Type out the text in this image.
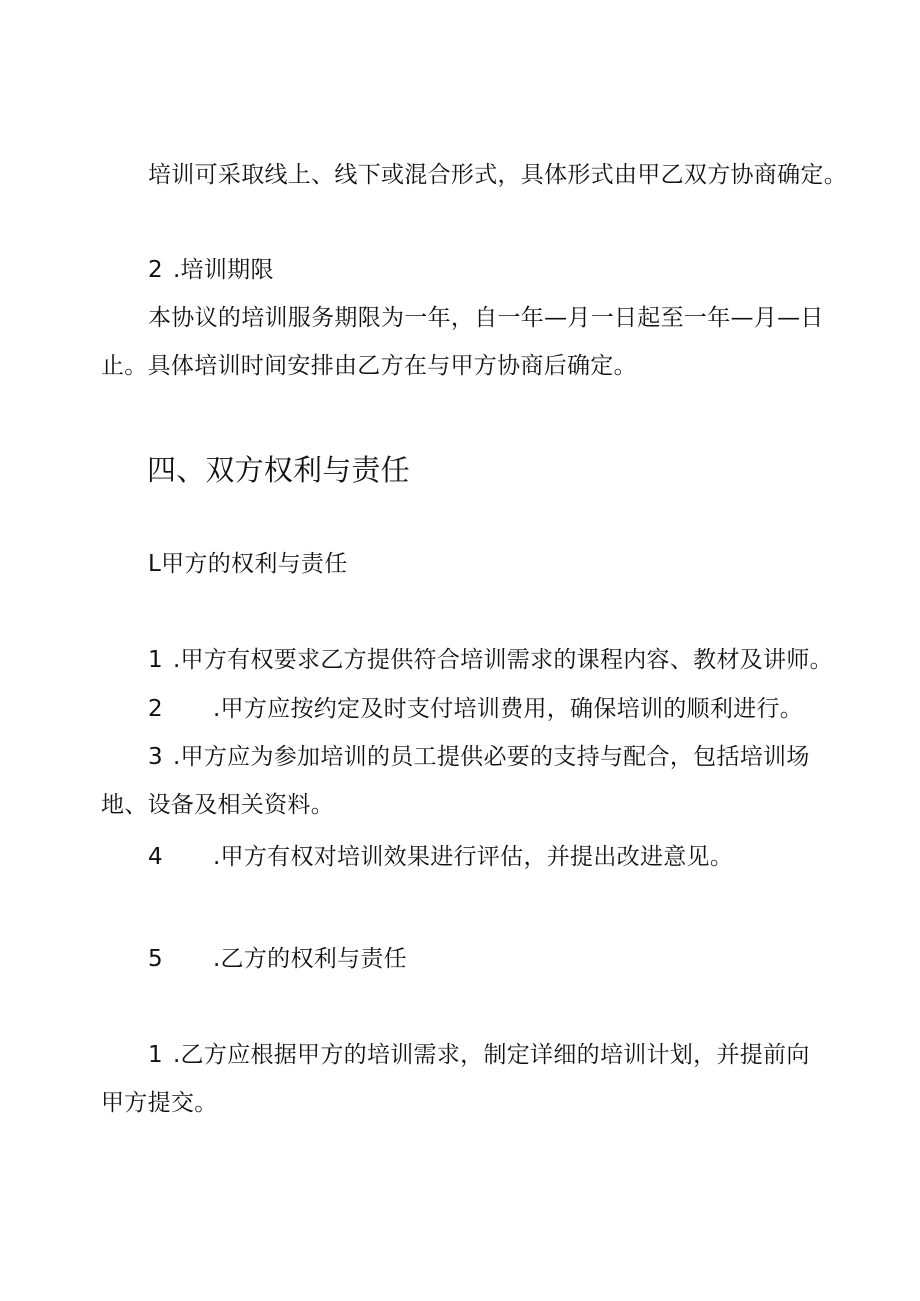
培训可采取线上、线下或混合形式，具体形式由甲乙双方协商确定。
2 .培训期限
本协议的培训服务期限为一年，自一年—月一日起至一年—月—日
止。具体培训时间安排由乙方在与甲方协商后确定。
四、双方权利与责任
L甲方的权利与责任
1 .甲方有权要求乙方提供符合培训需求的课程内容、教材及讲师。
2 .甲方应按约定及时支付培训费用，确保培训的顺利进行。
3 .甲方应为参加培训的员工提供必要的支持与配合，包括培训场
地、设备及相关资料。
4 .甲方有权对培训效果进行评估，并提出改进意见。
5 .乙方的权利与责任
1 .乙方应根据甲方的培训需求，制定详细的培训计划，并提前向
甲方提交。
